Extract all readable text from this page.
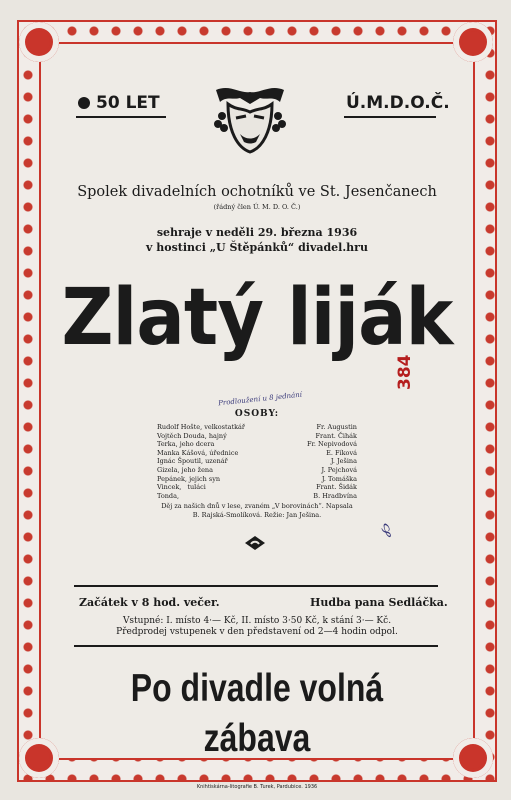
50 LET	Ú.M.D.O.Č.
Spolek divadelních ochotníků ve St. Jesenčanech
(řádný člen Ú. M. D. O. Č.)
sehraje v neděli 29. března 1936
v hostinci „U Štěpánků“ divadel.hru
Zlatý liják
Prodloužení u 8 jednání
OSOBY:
Rudolf Hošte, velkostatkář	Fr. Augustin
Vojtěch Douda, hajný	Frant. Čihák
Terka, jeho dcera	Fr. Nepivodová
Manka Kášová, úřednice	E. Fíková
Ignác Špoutil, uzenář	J. Ješina
Gizela, jeho žena	J. Pejchová
Pepánek, jejich syn	J. Tomáška
Vincek, tuláci	Frant. Šidák
Tonda,	B. Hradbvína
Děj za našich dnů v lese, zvaném „V borovinách“. Napsala
B. Rajská-Smolíková. Režie: Jan Ješina.
384
℘
Začátek v 8 hod. večer.	Hudba pana Sedláčka.
Vstupné: I. místo 4·— Kč, II. místo 3·50 Kč, k stání 3·— Kč.
Předprodej vstupenek v den představení od 2—4 hodin odpol.
Po divadle volná zábava
Knihtiskárna-litografie B. Turek, Pardubice. 1936
